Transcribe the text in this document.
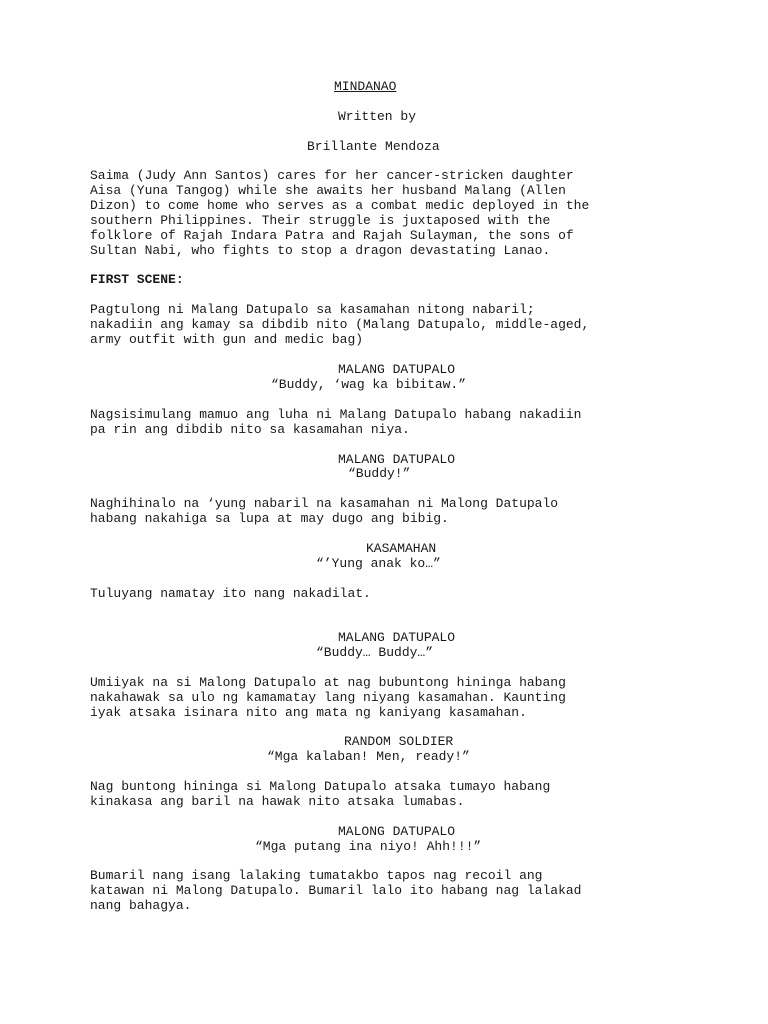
MINDANAO
Written by
Brillante Mendoza
Saima (Judy Ann Santos) cares for her cancer-stricken daughter
Aisa (Yuna Tangog) while she awaits her husband Malang (Allen
Dizon) to come home who serves as a combat medic deployed in the
southern Philippines. Their struggle is juxtaposed with the
folklore of Rajah Indara Patra and Rajah Sulayman, the sons of
Sultan Nabi, who fights to stop a dragon devastating Lanao.
FIRST SCENE:
Pagtulong ni Malang Datupalo sa kasamahan nitong nabaril;
nakadiin ang kamay sa dibdib nito (Malang Datupalo, middle-aged,
army outfit with gun and medic bag)
MALANG DATUPALO
“Buddy, ‘wag ka bibitaw.”
Nagsisimulang mamuo ang luha ni Malang Datupalo habang nakadiin
pa rin ang dibdib nito sa kasamahan niya.
MALANG DATUPALO
“Buddy!”
Naghihinalo na ‘yung nabaril na kasamahan ni Malong Datupalo
habang nakahiga sa lupa at may dugo ang bibig.
KASAMAHAN
“’Yung anak ko…”
Tuluyang namatay ito nang nakadilat.
MALANG DATUPALO
“Buddy… Buddy…”
Umiiyak na si Malong Datupalo at nag bubuntong hininga habang
nakahawak sa ulo ng kamamatay lang niyang kasamahan. Kaunting
iyak atsaka isinara nito ang mata ng kaniyang kasamahan.
RANDOM SOLDIER
“Mga kalaban! Men, ready!”
Nag buntong hininga si Malong Datupalo atsaka tumayo habang
kinakasa ang baril na hawak nito atsaka lumabas.
MALONG DATUPALO
“Mga putang ina niyo! Ahh!!!”
Bumaril nang isang lalaking tumatakbo tapos nag recoil ang
katawan ni Malong Datupalo. Bumaril lalo ito habang nag lalakad
nang bahagya.
